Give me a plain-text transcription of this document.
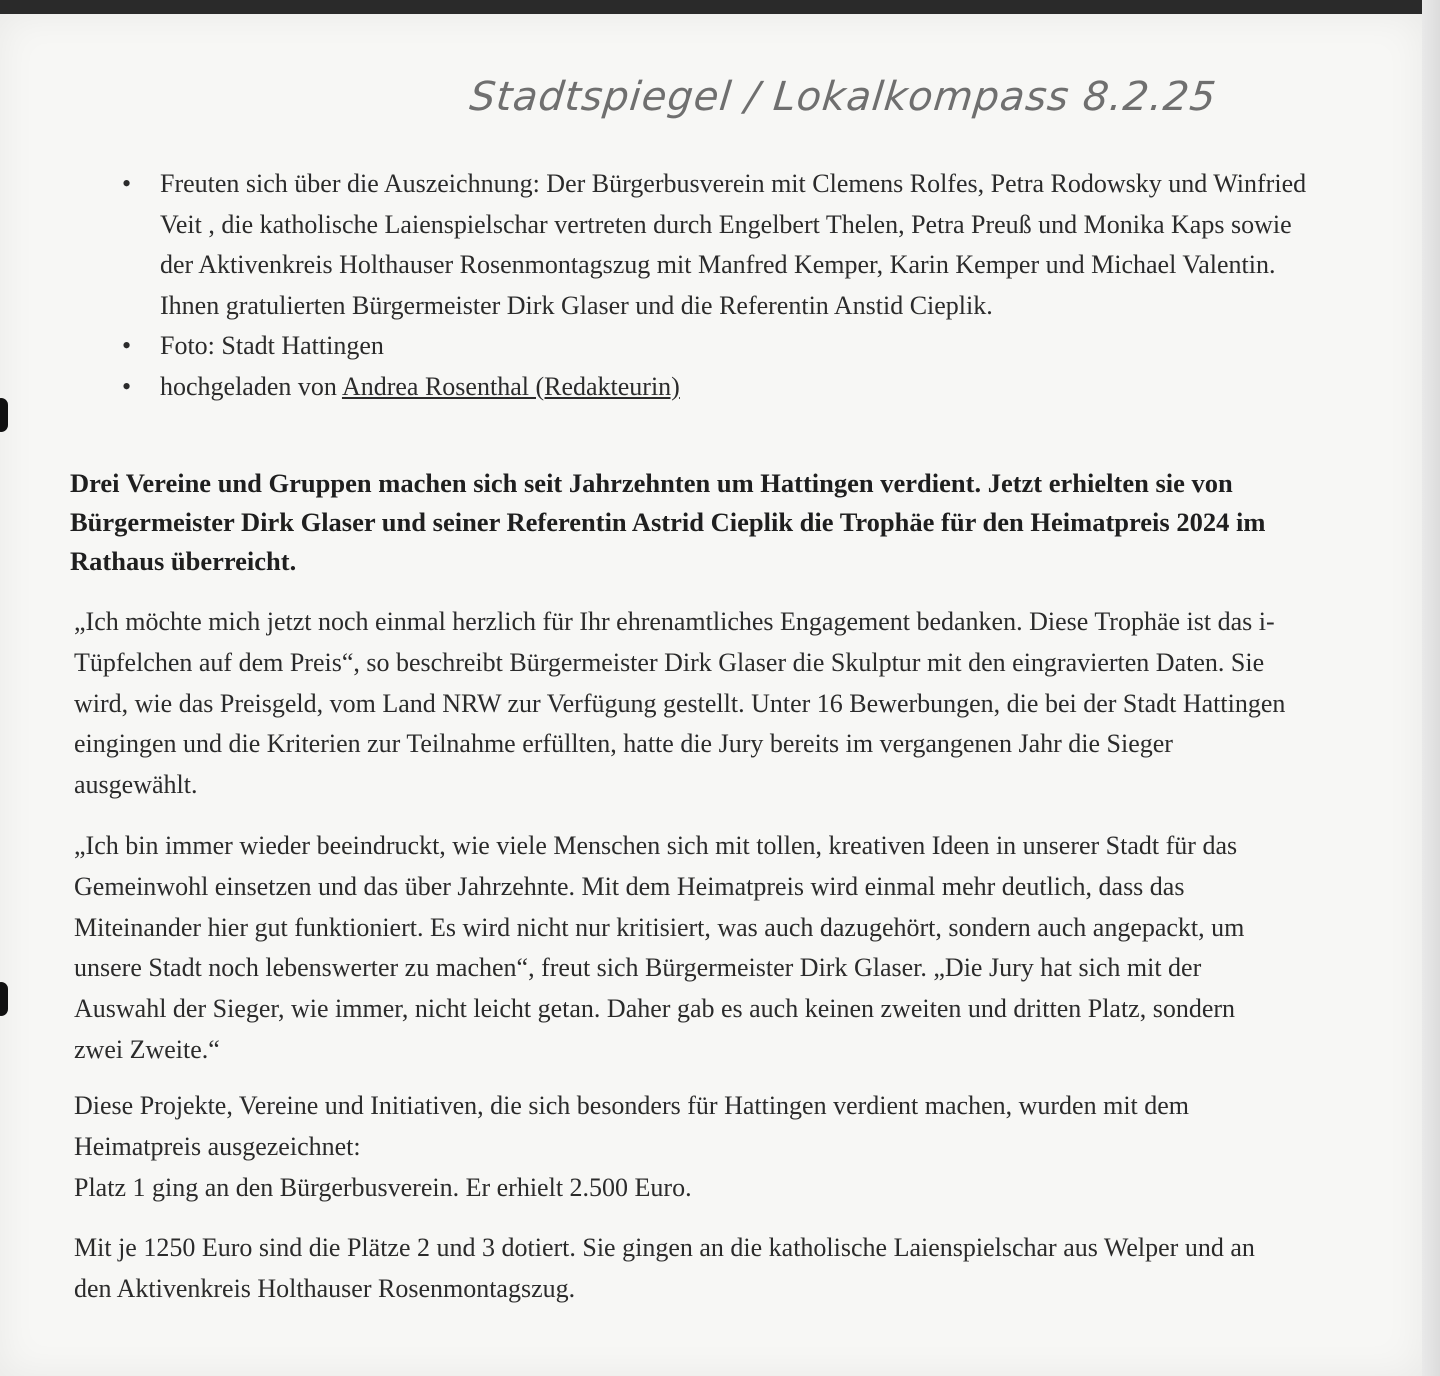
Stadtspiegel / Lokalkompass 8.2.25
• Freuten sich über die Auszeichnung: Der Bürgerbusverein mit Clemens Rolfes, Petra Rodowsky und Winfried Veit , die katholische Laienspielschar vertreten durch Engelbert Thelen, Petra Preuß und Monika Kaps sowie der Aktivenkreis Holthauser Rosenmontagszug mit Manfred Kemper, Karin Kemper und Michael Valentin. Ihnen gratulierten Bürgermeister Dirk Glaser und die Referentin Anstid Cieplik.
• Foto: Stadt Hattingen
• hochgeladen von Andrea Rosenthal (Redakteurin)

Drei Vereine und Gruppen machen sich seit Jahrzehnten um Hattingen verdient. Jetzt erhielten sie von Bürgermeister Dirk Glaser und seiner Referentin Astrid Cieplik die Trophäe für den Heimatpreis 2024 im Rathaus überreicht.

„Ich möchte mich jetzt noch einmal herzlich für Ihr ehrenamtliches Engagement bedanken. Diese Trophäe ist das i-Tüpfelchen auf dem Preis“, so beschreibt Bürgermeister Dirk Glaser die Skulptur mit den eingravierten Daten. Sie wird, wie das Preisgeld, vom Land NRW zur Verfügung gestellt. Unter 16 Bewerbungen, die bei der Stadt Hattingen eingingen und die Kriterien zur Teilnahme erfüllten, hatte die Jury bereits im vergangenen Jahr die Sieger ausgewählt.

„Ich bin immer wieder beeindruckt, wie viele Menschen sich mit tollen, kreativen Ideen in unserer Stadt für das Gemeinwohl einsetzen und das über Jahrzehnte. Mit dem Heimatpreis wird einmal mehr deutlich, dass das Miteinander hier gut funktioniert. Es wird nicht nur kritisiert, was auch dazugehört, sondern auch angepackt, um unsere Stadt noch lebenswerter zu machen“, freut sich Bürgermeister Dirk Glaser. „Die Jury hat sich mit der Auswahl der Sieger, wie immer, nicht leicht getan. Daher gab es auch keinen zweiten und dritten Platz, sondern zwei Zweite.“

Diese Projekte, Vereine und Initiativen, die sich besonders für Hattingen verdient machen, wurden mit dem Heimatpreis ausgezeichnet:
Platz 1 ging an den Bürgerbusverein. Er erhielt 2.500 Euro.

Mit je 1250 Euro sind die Plätze 2 und 3 dotiert. Sie gingen an die katholische Laienspielschar aus Welper und an den Aktivenkreis Holthauser Rosenmontagszug.
